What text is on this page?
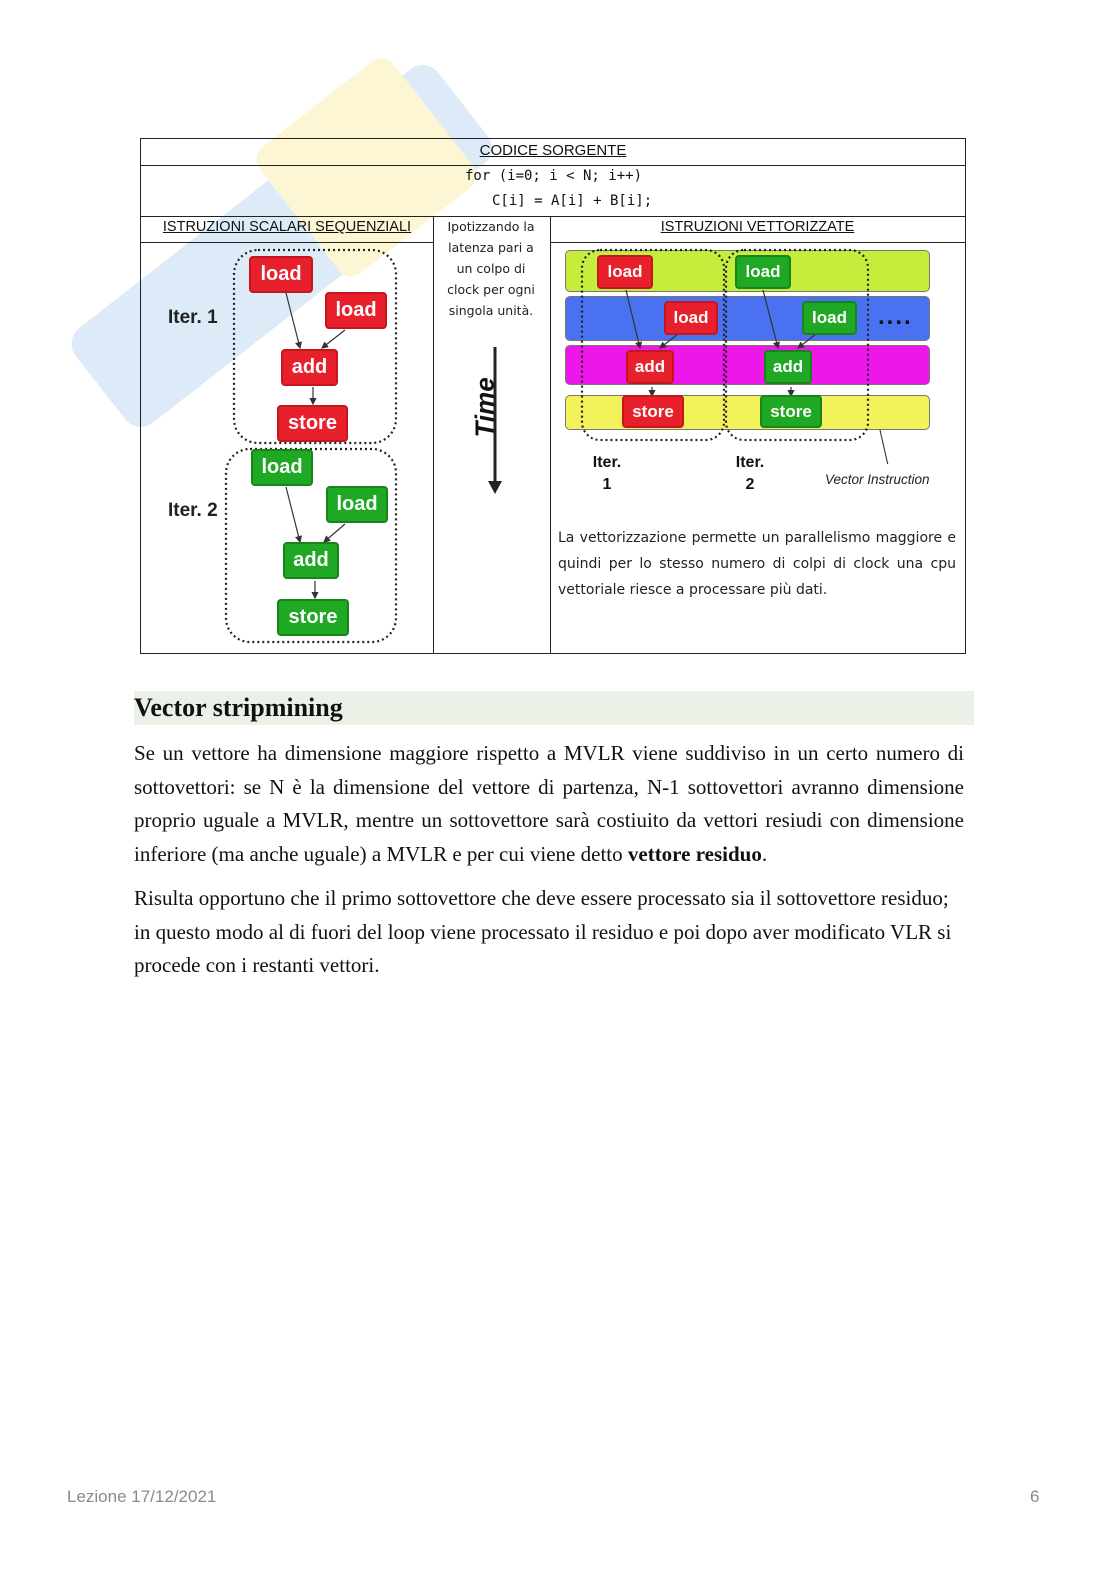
CODICE SORGENTE
for (i=0; i < N; i++)
C[i] = A[i] + B[i];
ISTRUZIONI SCALARI SEQUENZIALI	ISTRUZIONI VETTORIZZATE
Iter. 1
Iter. 2
load
load
add
store
load
load
add
store
Ipotizzando la
latenza pari a
un colpo di
clock per ogni
singola unità.
Time
load
load
add
store
load
load
add
store
....
Iter.
1
Iter.
2	Vector Instruction
La vettorizzazione permette un parallelismo maggiore e quindi per lo stesso numero di colpi di clock una cpu vettoriale riesce a processare più dati.
Vector stripmining
Se un vettore ha dimensione maggiore rispetto a MVLR viene suddiviso in un certo numero di sottovettori: se N è la dimensione del vettore di partenza, N-1 sottovettori avranno dimensione proprio uguale a MVLR, mentre un sottovettore sarà costiuito da vettori resiudi con dimensione inferiore (ma anche uguale) a MVLR e per cui viene detto vettore residuo.
Risulta opportuno che il primo sottovettore che deve essere processato sia il sottovettore residuo; in questo modo al di fuori del loop viene processato il residuo e poi dopo aver modificato VLR si procede con i restanti vettori.
Lezione 17/12/2021	6
